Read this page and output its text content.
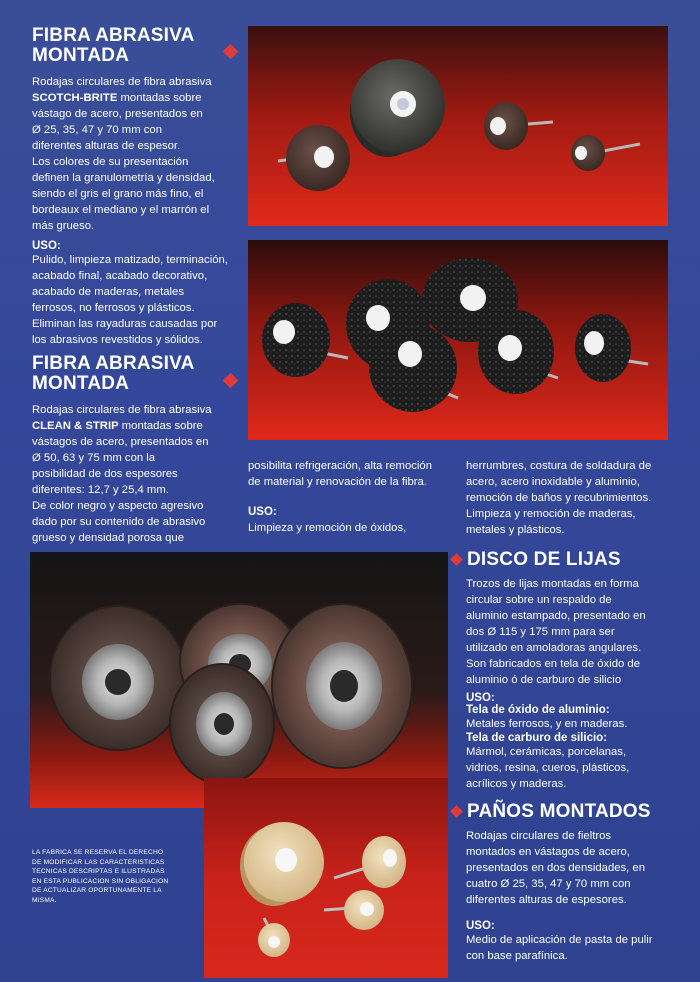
FIBRA ABRASIVA
MONTADA
Rodajas circulares de fibra abrasiva
SCOTCH-BRITE montadas sobre
vástago de acero, presentados en
Ø 25, 35, 47 y 70 mm con
diferentes alturas de espesor.
Los colores de su presentación
definen la granulometría y densidad,
siendo el gris el grano más fino, el
bordeaux el mediano y el marrón el
más grueso.
USO:
Pulido, limpieza matizado, terminación,
acabado final, acabado decorativo,
acabado de maderas, metales
ferrosos, no ferrosos y plásticos.
Eliminan las rayaduras causadas por
los abrasivos revestidos y sólidos.
FIBRA ABRASIVA
MONTADA
Rodajas circulares de fibra abrasiva
CLEAN & STRIP montadas sobre
vástagos de acero, presentados en
Ø 50, 63 y 75 mm con la
posibilidad de dos espesores
diferentes: 12,7 y 25,4 mm.
De color negro y aspecto agresivo
dado por su contenido de abrasivo
grueso y densidad porosa que
posibilita refrigeración, alta remoción
de material y renovación de la fibra.
USO:
Limpieza y remoción de óxidos,
herrumbres, costura de soldadura de
acero, acero inoxidable y aluminio,
remoción de baños y recubrimientos.
Limpieza y remoción de maderas,
metales y plásticos.
DISCO DE LIJAS
Trozos de lijas montadas en forma
circular sobre un respaldo de
aluminio estampado, presentado en
dos Ø 115 y 175 mm para ser
utilizado en amoladoras angulares.
Son fabricados en tela de óxido de
aluminio ó de carburo de silicio
USO:
Tela de óxido de aluminio:
Metales ferrosos, y en maderas.
Tela de carburo de silicio:
Mármol, cerámicas, porcelanas,
vidrios, resina, cueros, plásticos,
acrílicos y maderas.
LA FABRICA SE RESERVA EL DERECHO
DE MODIFICAR LAS CARACTERISTICAS
TECNICAS DESCRIPTAS E ILUSTRADAS
EN ESTA PUBLICACION SIN OBLIGACION
DE ACTUALIZAR OPORTUNAMENTE LA
MISMA.
PAÑOS MONTADOS
Rodajas circulares de fieltros
montados en vástagos de acero,
presentados en dos densidades, en
cuatro Ø 25, 35, 47 y 70 mm con
diferentes alturas de espesores.
USO:
Medio de aplicación de pasta de pulir
con base parafínica.
